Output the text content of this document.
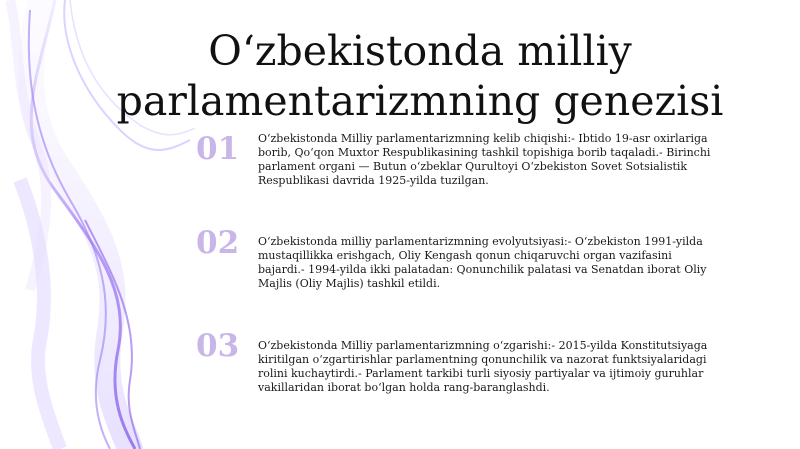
O‘zbekistonda milliy parlamentarizmning genezisi
01	O‘zbekistonda Milliy parlamentarizmning kelib chiqishi:- Ibtido 19-asr oxirlariga borib, Qo‘qon Muxtor Respublikasining tashkil topishiga borib taqaladi.- Birinchi parlament organi — Butun o‘zbeklar Qurultoyi O‘zbekiston Sovet Sotsialistik Respublikasi davrida 1925-yilda tuzilgan.

02	O‘zbekistonda milliy parlamentarizmning evolyutsiyasi:- O‘zbekiston 1991-yilda mustaqillikka erishgach, Oliy Kengash qonun chiqaruvchi organ vazifasini bajardi.- 1994-yilda ikki palatadan: Qonunchilik palatasi va Senatdan iborat Oliy Majlis (Oliy Majlis) tashkil etildi.

03	O‘zbekistonda Milliy parlamentarizmning o‘zgarishi:- 2015-yilda Konstitutsiyaga kiritilgan o‘zgartirishlar parlamentning qonunchilik va nazorat funktsiyalaridagi rolini kuchaytirdi.- Parlament tarkibi turli siyosiy partiyalar va ijtimoiy guruhlar vakillaridan iborat bo‘lgan holda rang-baranglashdi.
